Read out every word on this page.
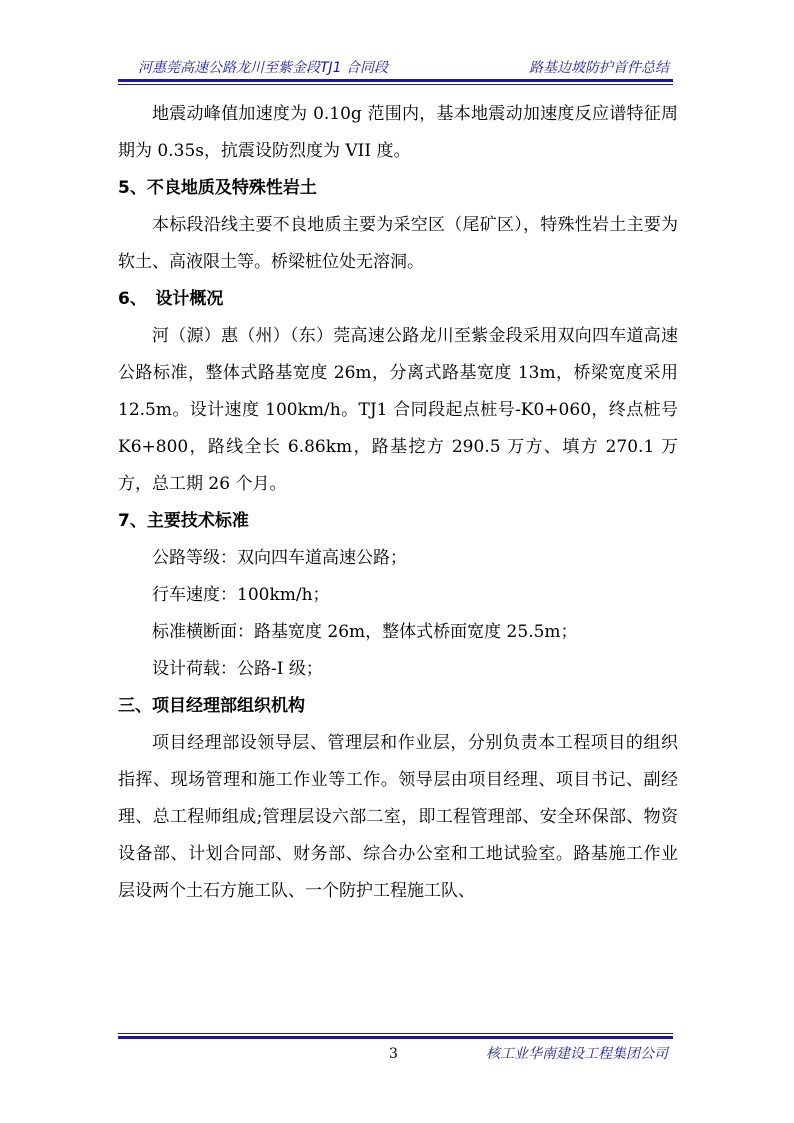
河惠莞高速公路龙川至紫金段TJ1 合同段	路基边坡防护首件总结

地震动峰值加速度为 0.10g 范围内，基本地震动加速度反应谱特征周期为 0.35s，抗震设防烈度为 VII 度。

5、不良地质及特殊性岩土

本标段沿线主要不良地质主要为采空区（尾矿区），特殊性岩土主要为软土、高液限土等。桥梁桩位处无溶洞。

6、　设计概况

河（源）惠（州）（东）莞高速公路龙川至紫金段采用双向四车道高速公路标准，整体式路基宽度 26m，分离式路基宽度 13m，桥梁宽度采用 12.5m。设计速度 100km/h。TJ1 合同段起点桩号-K0+060，终点桩号 K6+800，路线全长 6.86km，路基挖方 290.5 万方、填方 270.1 万方，总工期 26 个月。

7、主要技术标准

公路等级：双向四车道高速公路；

行车速度：100km/h；

标准横断面：路基宽度 26m，整体式桥面宽度 25.5m；

设计荷载：公路-I 级；

三、项目经理部组织机构

项目经理部设领导层、管理层和作业层，分别负责本工程项目的组织指挥、现场管理和施工作业等工作。领导层由项目经理、项目书记、副经理、总工程师组成;管理层设六部二室，即工程管理部、安全环保部、物资设备部、计划合同部、财务部、综合办公室和工地试验室。路基施工作业层设两个土石方施工队、一个防护工程施工队、

3	核工业华南建设工程集团公司
